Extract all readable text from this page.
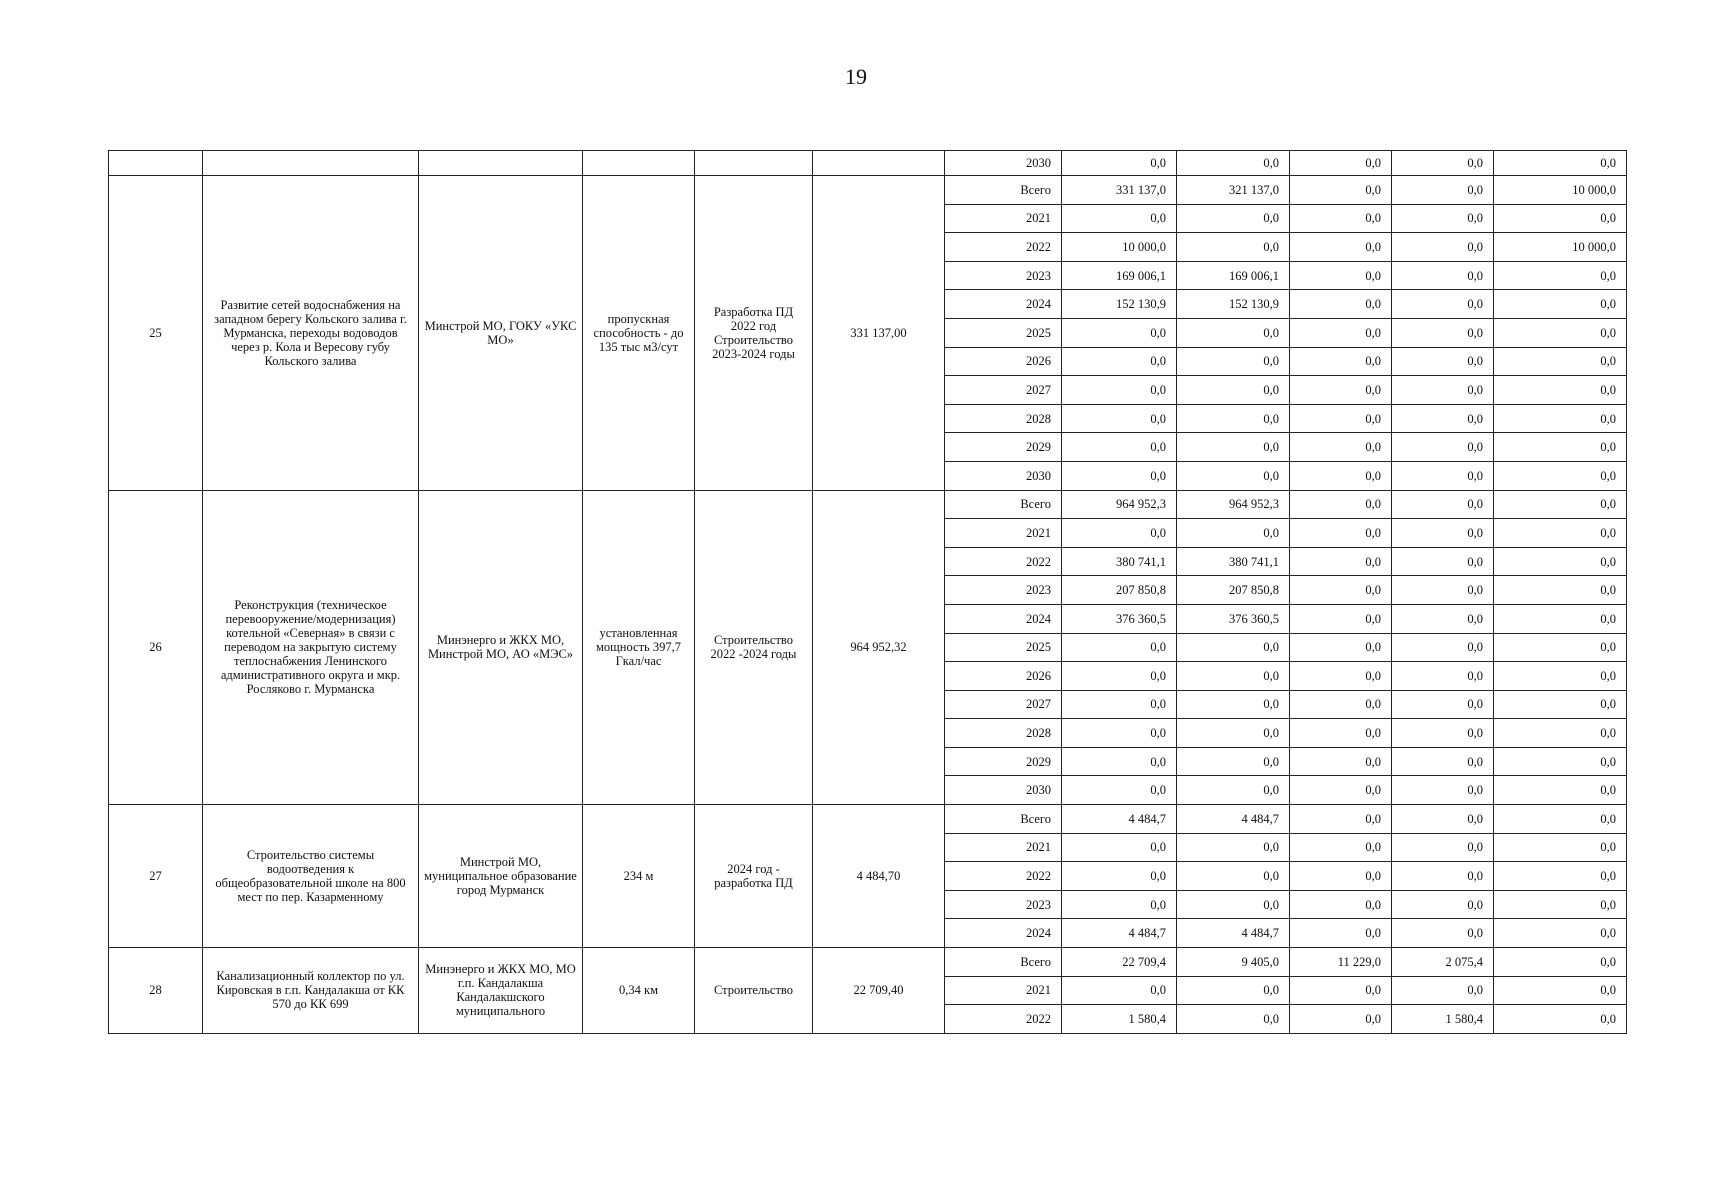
19
						2030	0,0	0,0	0,0	0,0	0,0
25	Развитие сетей водоснабжения на западном берегу Кольского залива г. Мурманска, переходы водоводов через р. Кола и Вересову губу Кольского залива	Минстрой МО, ГОКУ «УКС МО»	пропускная способность - до 135 тыс м3/сут	Разработка ПД 2022 год Строительство 2023-2024 годы	331 137,00	Всего	331 137,0	321 137,0	0,0	0,0	10 000,0
						2021	0,0	0,0	0,0	0,0	0,0
						2022	10 000,0	0,0	0,0	0,0	10 000,0
						2023	169 006,1	169 006,1	0,0	0,0	0,0
						2024	152 130,9	152 130,9	0,0	0,0	0,0
						2025	0,0	0,0	0,0	0,0	0,0
						2026	0,0	0,0	0,0	0,0	0,0
						2027	0,0	0,0	0,0	0,0	0,0
						2028	0,0	0,0	0,0	0,0	0,0
						2029	0,0	0,0	0,0	0,0	0,0
						2030	0,0	0,0	0,0	0,0	0,0
26	Реконструкция (техническое перевооружение/модернизация) котельной «Северная» в связи с переводом на закрытую систему теплоснабжения Ленинского административного округа и мкр. Росляково г. Мурманска	Минэнерго и ЖКХ МО, Минстрой МО, АО «МЭС»	установленная мощность 397,7 Гкал/час	Строительство 2022 -2024 годы	964 952,32	Всего	964 952,3	964 952,3	0,0	0,0	0,0
						2021	0,0	0,0	0,0	0,0	0,0
						2022	380 741,1	380 741,1	0,0	0,0	0,0
						2023	207 850,8	207 850,8	0,0	0,0	0,0
						2024	376 360,5	376 360,5	0,0	0,0	0,0
						2025	0,0	0,0	0,0	0,0	0,0
						2026	0,0	0,0	0,0	0,0	0,0
						2027	0,0	0,0	0,0	0,0	0,0
						2028	0,0	0,0	0,0	0,0	0,0
						2029	0,0	0,0	0,0	0,0	0,0
						2030	0,0	0,0	0,0	0,0	0,0
27	Строительство системы водоотведения к общеобразовательной школе на 800 мест по пер. Казарменному	Минстрой МО, муниципальное образование город Мурманск	234 м	2024 год - разработка ПД	4 484,70	Всего	4 484,7	4 484,7	0,0	0,0	0,0
						2021	0,0	0,0	0,0	0,0	0,0
						2022	0,0	0,0	0,0	0,0	0,0
						2023	0,0	0,0	0,0	0,0	0,0
						2024	4 484,7	4 484,7	0,0	0,0	0,0
28	Канализационный коллектор по ул. Кировская в г.п. Кандалакша от КК 570 до КК 699	Минэнерго и ЖКХ МО, МО г.п. Кандалакша Кандалакшского муниципального	0,34 км	Строительство	22 709,40	Всего	22 709,4	9 405,0	11 229,0	2 075,4	0,0
						2021	0,0	0,0	0,0	0,0	0,0
						2022	1 580,4	0,0	0,0	1 580,4	0,0
